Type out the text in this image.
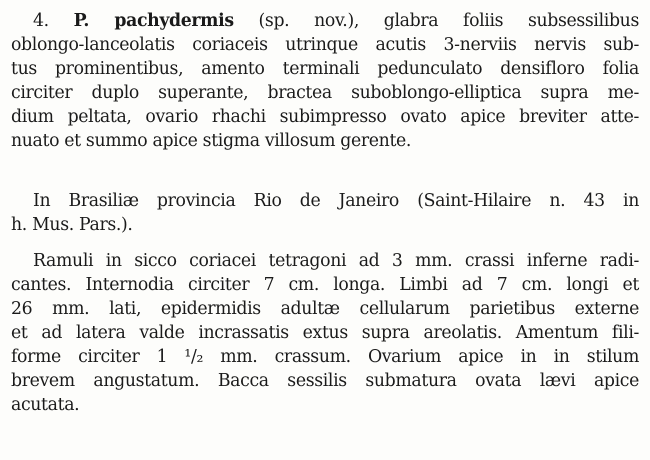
4. P. pachydermis (sp. nov.), glabra foliis subsessilibus
oblongo-lanceolatis coriaceis utrinque acutis 3-nerviis nervis sub-
tus prominentibus, amento terminali pedunculato densifloro folia
circiter duplo superante, bractea suboblongo-elliptica supra me-
dium peltata, ovario rhachi subimpresso ovato apice breviter atte-
nuato et summo apice stigma villosum gerente.
In Brasiliæ provincia Rio de Janeiro (Saint-Hilaire n. 43 in
h. Mus. Pars.).
Ramuli in sicco coriacei tetragoni ad 3 mm. crassi inferne radi-
cantes. Internodia circiter 7 cm. longa. Limbi ad 7 cm. longi et
26 mm. lati, epidermidis adultæ cellularum parietibus externe
et ad latera valde incrassatis extus supra areolatis. Amentum fili-
forme circiter 1 ¹/₂ mm. crassum. Ovarium apice in in stilum
brevem angustatum. Bacca sessilis submatura ovata lævi apice
acutata.
